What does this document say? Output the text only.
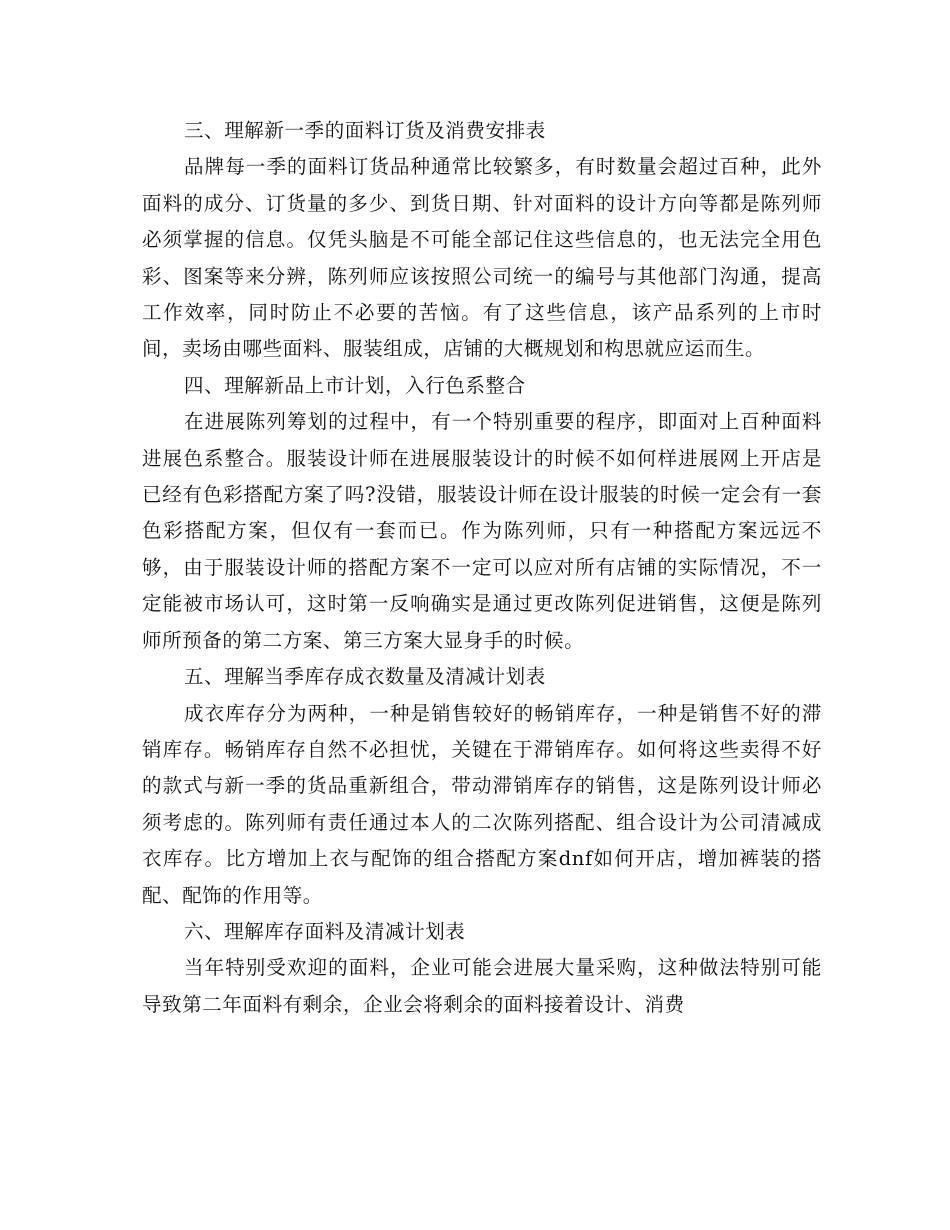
三、理解新一季的面料订货及消费安排表

品牌每一季的面料订货品种通常比较繁多，有时数量会超过百种，此外面料的成分、订货量的多少、到货日期、针对面料的设计方向等都是陈列师必须掌握的信息。仅凭头脑是不可能全部记住这些信息的，也无法完全用色彩、图案等来分辨，陈列师应该按照公司统一的编号与其他部门沟通，提高工作效率，同时防止不必要的苦恼。有了这些信息，该产品系列的上市时间，卖场由哪些面料、服装组成，店铺的大概规划和构思就应运而生。

四、理解新品上市计划，入行色系整合

在进展陈列筹划的过程中，有一个特别重要的程序，即面对上百种面料进展色系整合。服装设计师在进展服装设计的时候不如何样进展网上开店是已经有色彩搭配方案了吗?没错，服装设计师在设计服装的时候一定会有一套色彩搭配方案，但仅有一套而已。作为陈列师，只有一种搭配方案远远不够，由于服装设计师的搭配方案不一定可以应对所有店铺的实际情况，不一定能被市场认可，这时第一反响确实是通过更改陈列促进销售，这便是陈列师所预备的第二方案、第三方案大显身手的时候。

五、理解当季库存成衣数量及清减计划表

成衣库存分为两种，一种是销售较好的畅销库存，一种是销售不好的滞销库存。畅销库存自然不必担忧，关键在于滞销库存。如何将这些卖得不好的款式与新一季的货品重新组合，带动滞销库存的销售，这是陈列设计师必须考虑的。陈列师有责任通过本人的二次陈列搭配、组合设计为公司清减成衣库存。比方增加上衣与配饰的组合搭配方案dnf如何开店，增加裤装的搭配、配饰的作用等。

六、理解库存面料及清减计划表

当年特别受欢迎的面料，企业可能会进展大量采购，这种做法特别可能导致第二年面料有剩余，企业会将剩余的面料接着设计、消费
